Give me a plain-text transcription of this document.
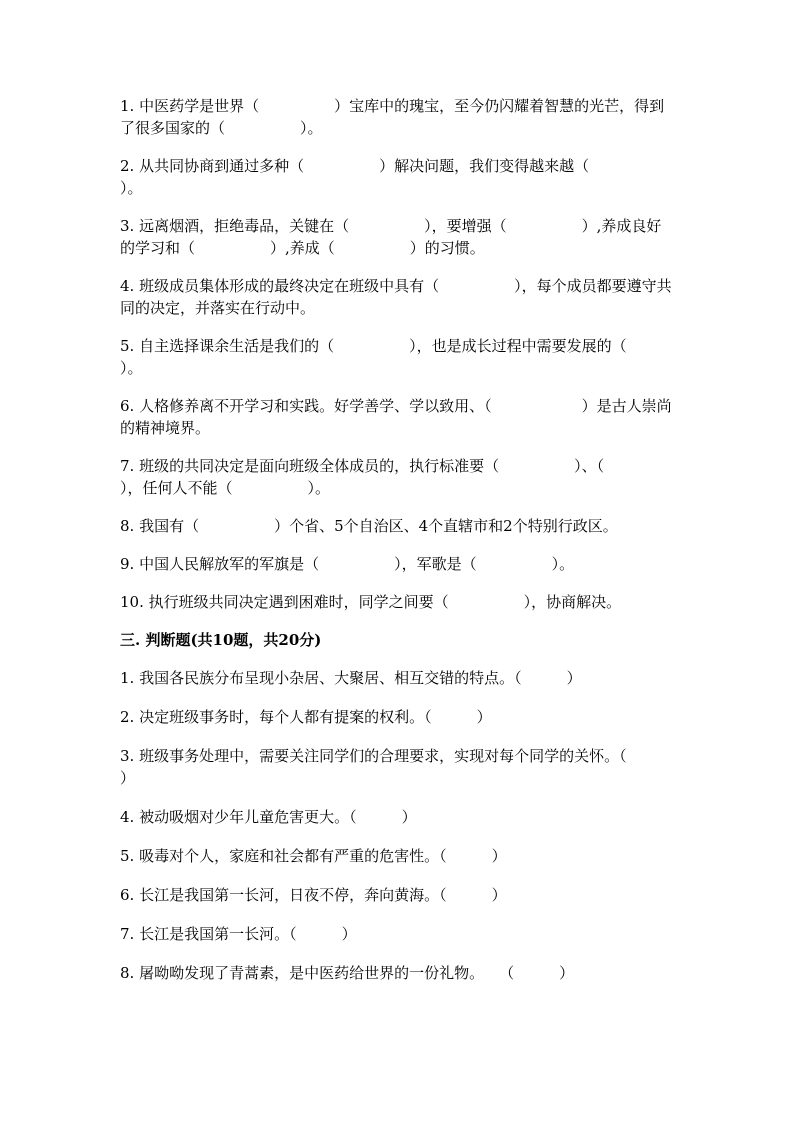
1. 中医药学是世界（　　　　　）宝库中的瑰宝，至今仍闪耀着智慧的光芒，得到了很多国家的（　　　　　）。

2. 从共同协商到通过多种（　　　　　）解决问题，我们变得越来越（　　　　　）。

3. 远离烟酒，拒绝毒品，关键在（　　　　　），要增强（　　　　　）,养成良好的学习和（　　　　　）,养成（　　　　　）的习惯。

4. 班级成员集体形成的最终决定在班级中具有（　　　　　），每个成员都要遵守共同的决定，并落实在行动中。

5. 自主选择课余生活是我们的（　　　　　），也是成长过程中需要发展的（　　　　　）。

6. 人格修养离不开学习和实践。好学善学、学以致用、（　　　　　　）是古人崇尚的精神境界。

7. 班级的共同决定是面向班级全体成员的，执行标准要（　　　　　）、（　　　　　），任何人不能（　　　　　）。

8. 我国有（　　　　　）个省、5个自治区、4个直辖市和2个特别行政区。

9. 中国人民解放军的军旗是（　　　　　），军歌是（　　　　　）。

10. 执行班级共同决定遇到困难时，同学之间要（　　　　　），协商解决。

三. 判断题(共10题，共20分)

1. 我国各民族分布呈现小杂居、大聚居、相互交错的特点。（　　　）

2. 决定班级事务时，每个人都有提案的权利。（　　　）

3. 班级事务处理中，需要关注同学们的合理要求，实现对每个同学的关怀。（　　　）

4. 被动吸烟对少年儿童危害更大。（　　　）

5. 吸毒对个人，家庭和社会都有严重的危害性。（　　　）

6. 长江是我国第一长河，日夜不停，奔向黄海。（　　　）

7. 长江是我国第一长河。（　　　）

8. 屠呦呦发现了青蒿素，是中医药给世界的一份礼物。　　（　　　）
